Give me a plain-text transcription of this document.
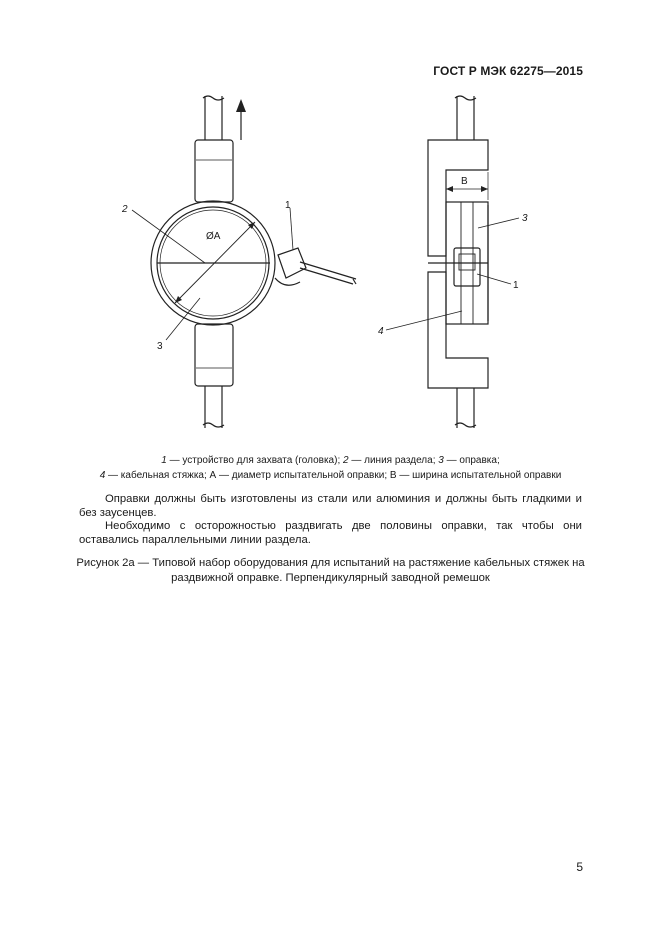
ГОСТ Р МЭК 62275—2015
2
ØA
3
1
B
3
1
4
1 — устройство для захвата (головка); 2 — линия раздела; 3 — оправка;
4 — кабельная стяжка; А — диаметр испытательной оправки; В — ширина испытательной оправки
Оправки должны быть изготовлены из стали или алюминия и должны быть гладкими и без заусенцев.
Необходимо с осторожностью раздвигать две половины оправки, так чтобы они оставались параллельными линии раздела.
Рисунок 2а — Типовой набор оборудования для испытаний на растяжение кабельных стяжек на
раздвижной оправке. Перпендикулярный заводной ремешок
5
